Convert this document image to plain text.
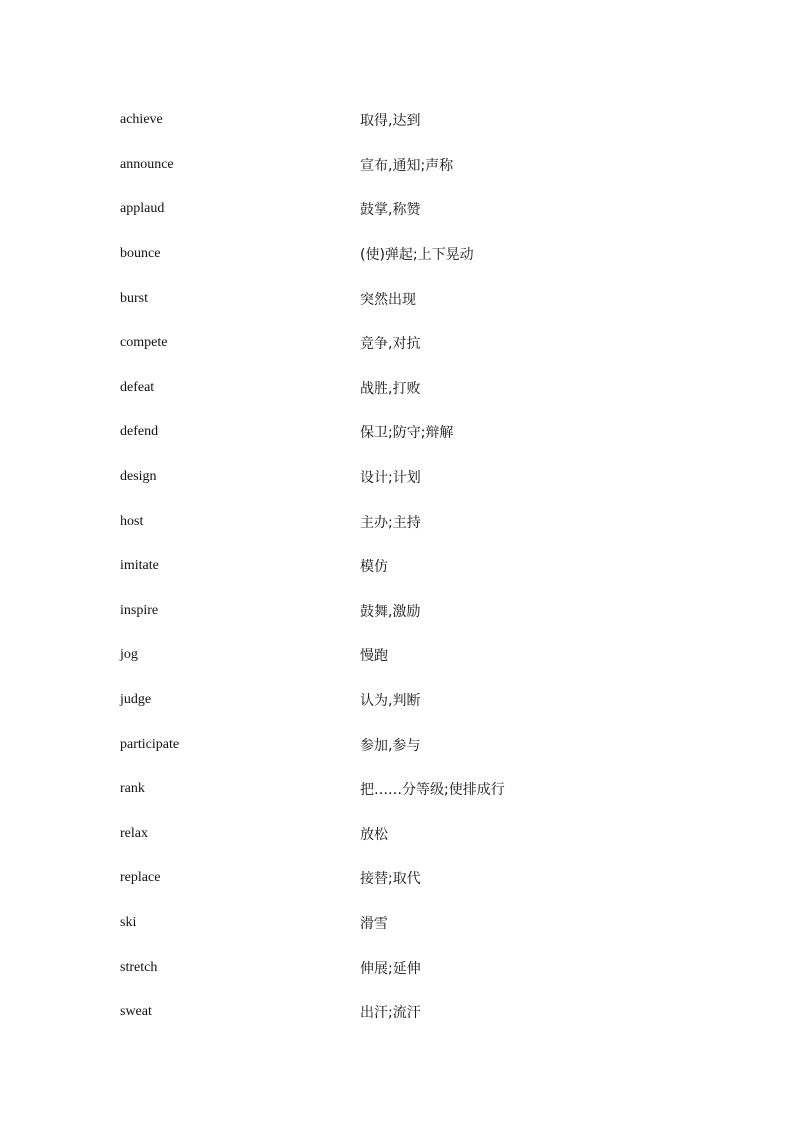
achieve	取得,达到
announce	宣布,通知;声称
applaud	鼓掌,称赞
bounce	(使)弹起;上下晃动
burst	突然出现
compete	竞争,对抗
defeat	战胜,打败
defend	保卫;防守;辩解
design	设计;计划
host	主办;主持
imitate	模仿
inspire	鼓舞,激励
jog	慢跑
judge	认为,判断
participate	参加,参与
rank	把……分等级;使排成行
relax	放松
replace	接替;取代
ski	滑雪
stretch	伸展;延伸
sweat	出汗;流汗
